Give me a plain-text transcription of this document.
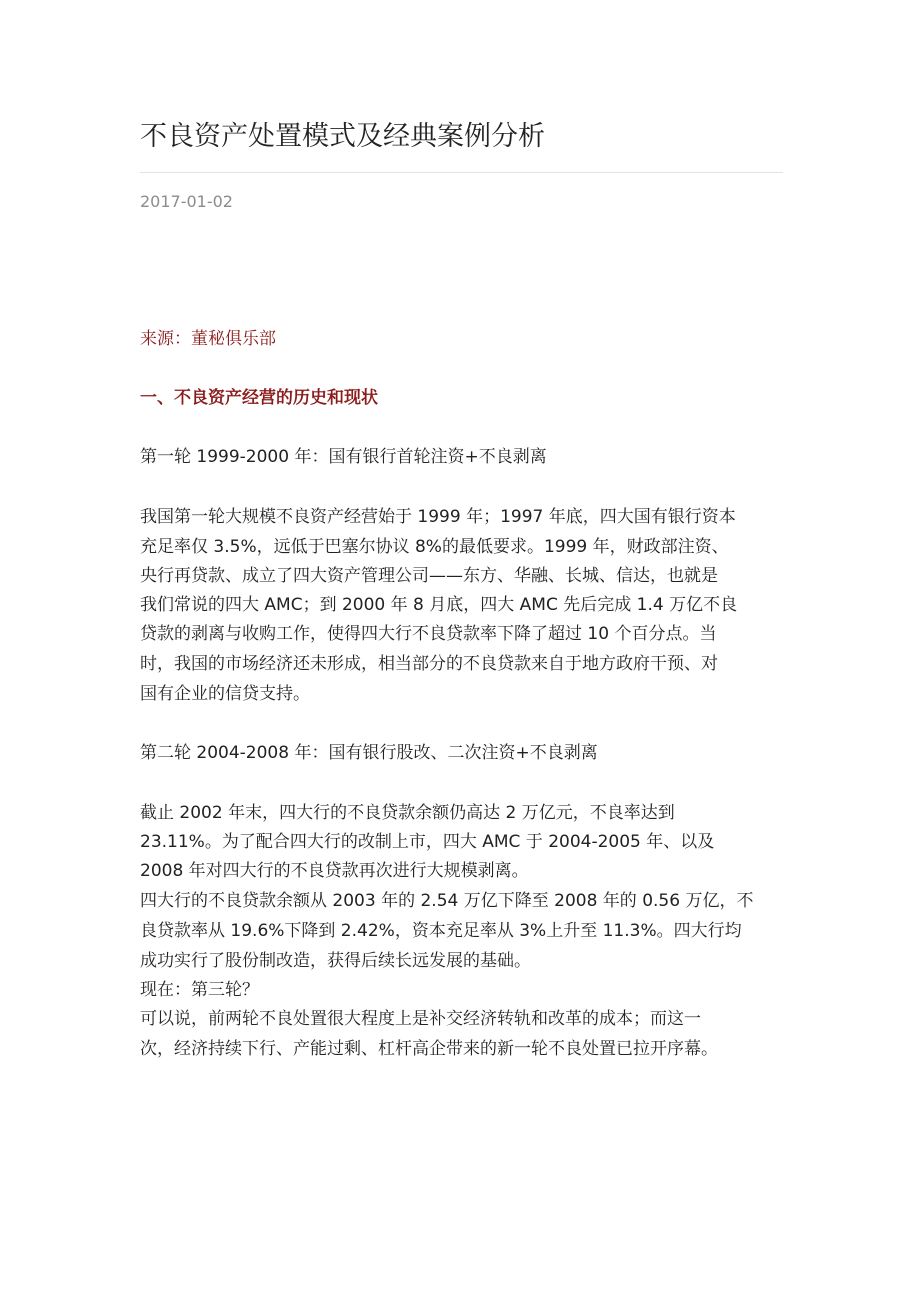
不良资产处置模式及经典案例分析
2017-01-02
来源：董秘俱乐部
一、不良资产经营的历史和现状
第一轮 1999-2000 年：国有银行首轮注资+不良剥离
我国第一轮大规模不良资产经营始于 1999 年；1997 年底，四大国有银行资本
充足率仅 3.5%，远低于巴塞尔协议 8%的最低要求。1999 年，财政部注资、
央行再贷款、成立了四大资产管理公司——东方、华融、长城、信达，也就是
我们常说的四大 AMC；到 2000 年 8 月底，四大 AMC 先后完成 1.4 万亿不良
贷款的剥离与收购工作，使得四大行不良贷款率下降了超过 10 个百分点。当
时，我国的市场经济还未形成，相当部分的不良贷款来自于地方政府干预、对
国有企业的信贷支持。
第二轮 2004-2008 年：国有银行股改、二次注资+不良剥离
截止 2002 年末，四大行的不良贷款余额仍高达 2 万亿元，不良率达到
23.11%。为了配合四大行的改制上市，四大 AMC 于 2004-2005 年、以及
2008 年对四大行的不良贷款再次进行大规模剥离。
四大行的不良贷款余额从 2003 年的 2.54 万亿下降至 2008 年的 0.56 万亿，不
良贷款率从 19.6%下降到 2.42%，资本充足率从 3%上升至 11.3%。四大行均
成功实行了股份制改造，获得后续长远发展的基础。
现在：第三轮？
可以说，前两轮不良处置很大程度上是补交经济转轨和改革的成本；而这一
次，经济持续下行、产能过剩、杠杆高企带来的新一轮不良处置已拉开序幕。
